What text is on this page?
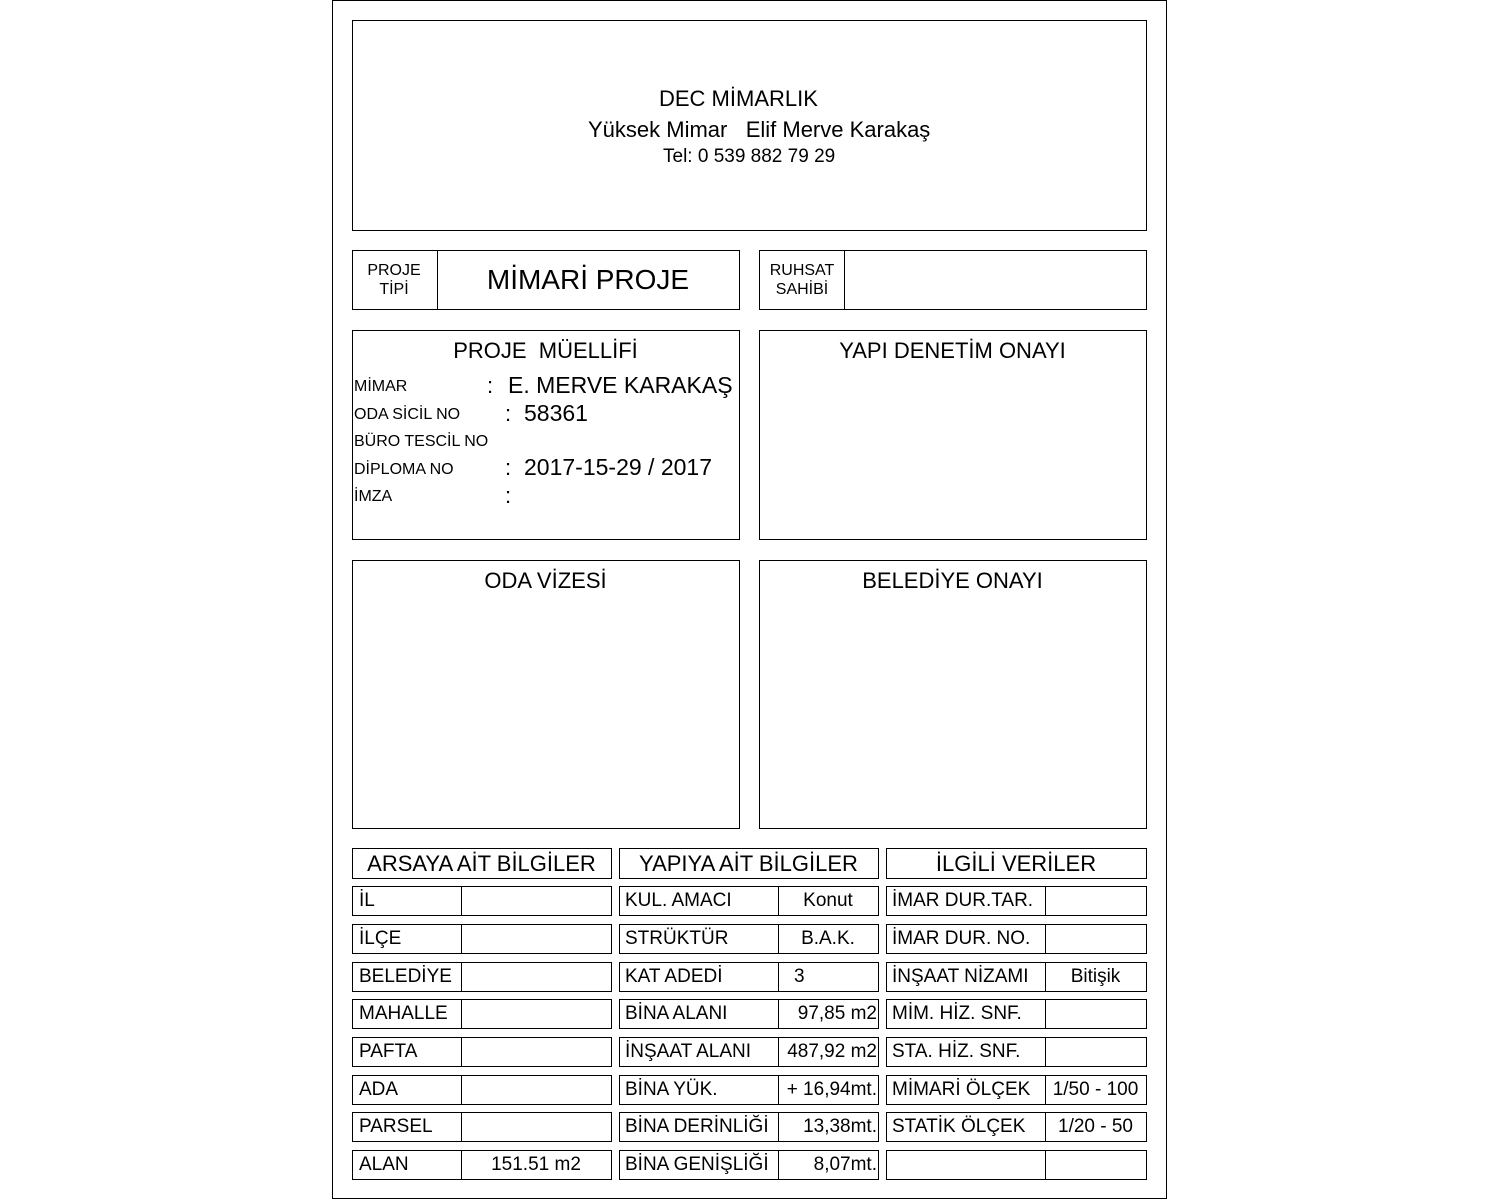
DEC MİMARLIK
Yüksek Mimar   Elif Merve Karakaş
Tel: 0 539 882 79 29
PROJE
TİPİ	MİMARİ PROJE	RUHSAT
SAHİBİ
PROJE  MÜELLİFİ
MİMAR	: E. MERVE KARAKAŞ
ODA SİCİL NO : 58361
BÜRO TESCİL NO
DİPLOMA NO : 2017-15-29 / 2017
İMZA	:
YAPI DENETİM ONAYI
ODA VİZESİ	BELEDİYE ONAYI
ARSAYA AİT BİLGİLER	YAPIYA AİT BİLGİLER	İLGİLİ VERİLER
İL
İLÇE
BELEDİYE
MAHALLE
PAFTA
ADA
PARSEL
ALAN	151.51 m2
KUL. AMACI	Konut
STRÜKTÜR	B.A.K.
KAT ADEDİ	3
BİNA ALANI	97,85 m2
İNŞAAT ALANI	487,92 m2
BİNA YÜK.	+ 16,94mt.
BİNA DERİNLİĞİ	13,38mt.
BİNA GENİŞLİĞİ	8,07mt.
İMAR DUR.TAR.
İMAR DUR. NO.
İNŞAAT NİZAMI	Bitişik
MİM. HİZ. SNF.
STA. HİZ. SNF.
MİMARİ ÖLÇEK	1/50 - 100
STATİK ÖLÇEK	1/20 - 50
